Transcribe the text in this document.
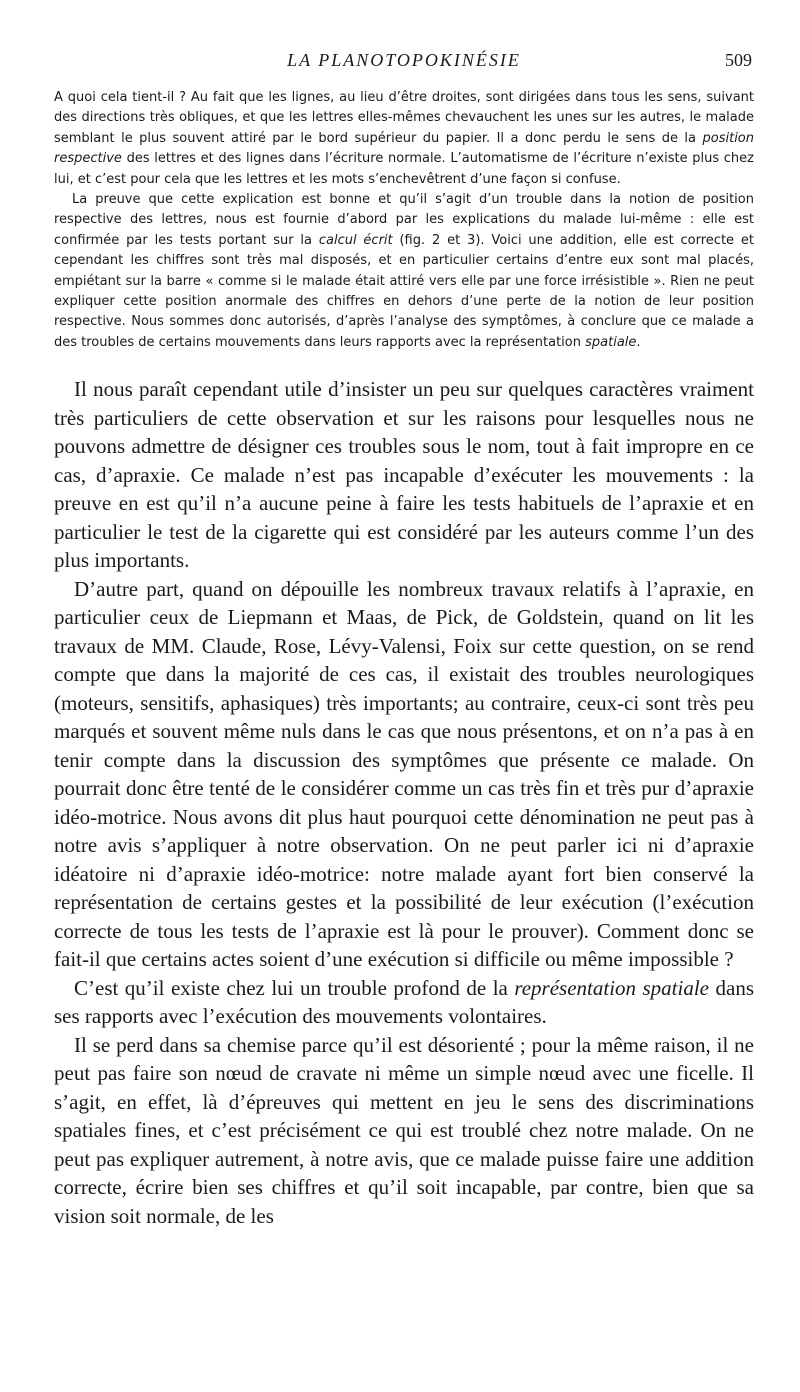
LA PLANOTOPOKINÉSIE	509

A quoi cela tient-il ? Au fait que les lignes, au lieu d’être droites, sont dirigées dans tous les sens, suivant des directions très obliques, et que les lettres elles-mêmes chevauchent les unes sur les autres, le malade semblant le plus souvent attiré par le bord supérieur du papier. Il a donc perdu le sens de la position respective des lettres et des lignes dans l’écriture normale. L’automatisme de l’écriture n’existe plus chez lui, et c’est pour cela que les lettres et les mots s’enchevêtrent d’une façon si confuse.

La preuve que cette explication est bonne et qu’il s’agit d’un trouble dans la notion de position respective des lettres, nous est fournie d’abord par les explications du malade lui-même : elle est confirmée par les tests portant sur la calcul écrit (fig. 2 et 3). Voici une addition, elle est correcte et cependant les chiffres sont très mal disposés, et en particulier certains d’entre eux sont mal placés, empiétant sur la barre « comme si le malade était attiré vers elle par une force irrésistible ». Rien ne peut expliquer cette position anormale des chiffres en dehors d’une perte de la notion de leur position respective. Nous sommes donc autorisés, d’après l’analyse des symptômes, à conclure que ce malade a des troubles de certains mouvements dans leurs rapports avec la représentation spatiale.

Il nous paraît cependant utile d’insister un peu sur quelques caractères vraiment très particuliers de cette observation et sur les raisons pour lesquelles nous ne pouvons admettre de désigner ces troubles sous le nom, tout à fait impropre en ce cas, d’apraxie. Ce malade n’est pas incapable d’exécuter les mouvements : la preuve en est qu’il n’a aucune peine à faire les tests habituels de l’apraxie et en particulier le test de la cigarette qui est considéré par les auteurs comme l’un des plus importants.

D’autre part, quand on dépouille les nombreux travaux relatifs à l’apraxie, en particulier ceux de Liepmann et Maas, de Pick, de Goldstein, quand on lit les travaux de MM. Claude, Rose, Lévy-Valensi, Foix sur cette question, on se rend compte que dans la majorité de ces cas, il existait des troubles neurologiques (moteurs, sensitifs, aphasiques) très importants; au contraire, ceux-ci sont très peu marqués et souvent même nuls dans le cas que nous présentons, et on n’a pas à en tenir compte dans la discussion des symptômes que présente ce malade. On pourrait donc être tenté de le considérer comme un cas très fin et très pur d’apraxie idéo-motrice. Nous avons dit plus haut pourquoi cette dénomination ne peut pas à notre avis s’appliquer à notre observation. On ne peut parler ici ni d’apraxie idéatoire ni d’apraxie idéo-motrice: notre malade ayant fort bien conservé la représentation de certains gestes et la possibilité de leur exécution (l’exécution correcte de tous les tests de l’apraxie est là pour le prouver). Comment donc se fait-il que certains actes soient d’une exécution si difficile ou même impossible ?

C’est qu’il existe chez lui un trouble profond de la représentation spatiale dans ses rapports avec l’exécution des mouvements volontaires.

Il se perd dans sa chemise parce qu’il est désorienté ; pour la même raison, il ne peut pas faire son nœud de cravate ni même un simple nœud avec une ficelle. Il s’agit, en effet, là d’épreuves qui mettent en jeu le sens des discriminations spatiales fines, et c’est précisément ce qui est troublé chez notre malade. On ne peut pas expliquer autrement, à notre avis, que ce malade puisse faire une addition correcte, écrire bien ses chiffres et qu’il soit incapable, par contre, bien que sa vision soit normale, de les
